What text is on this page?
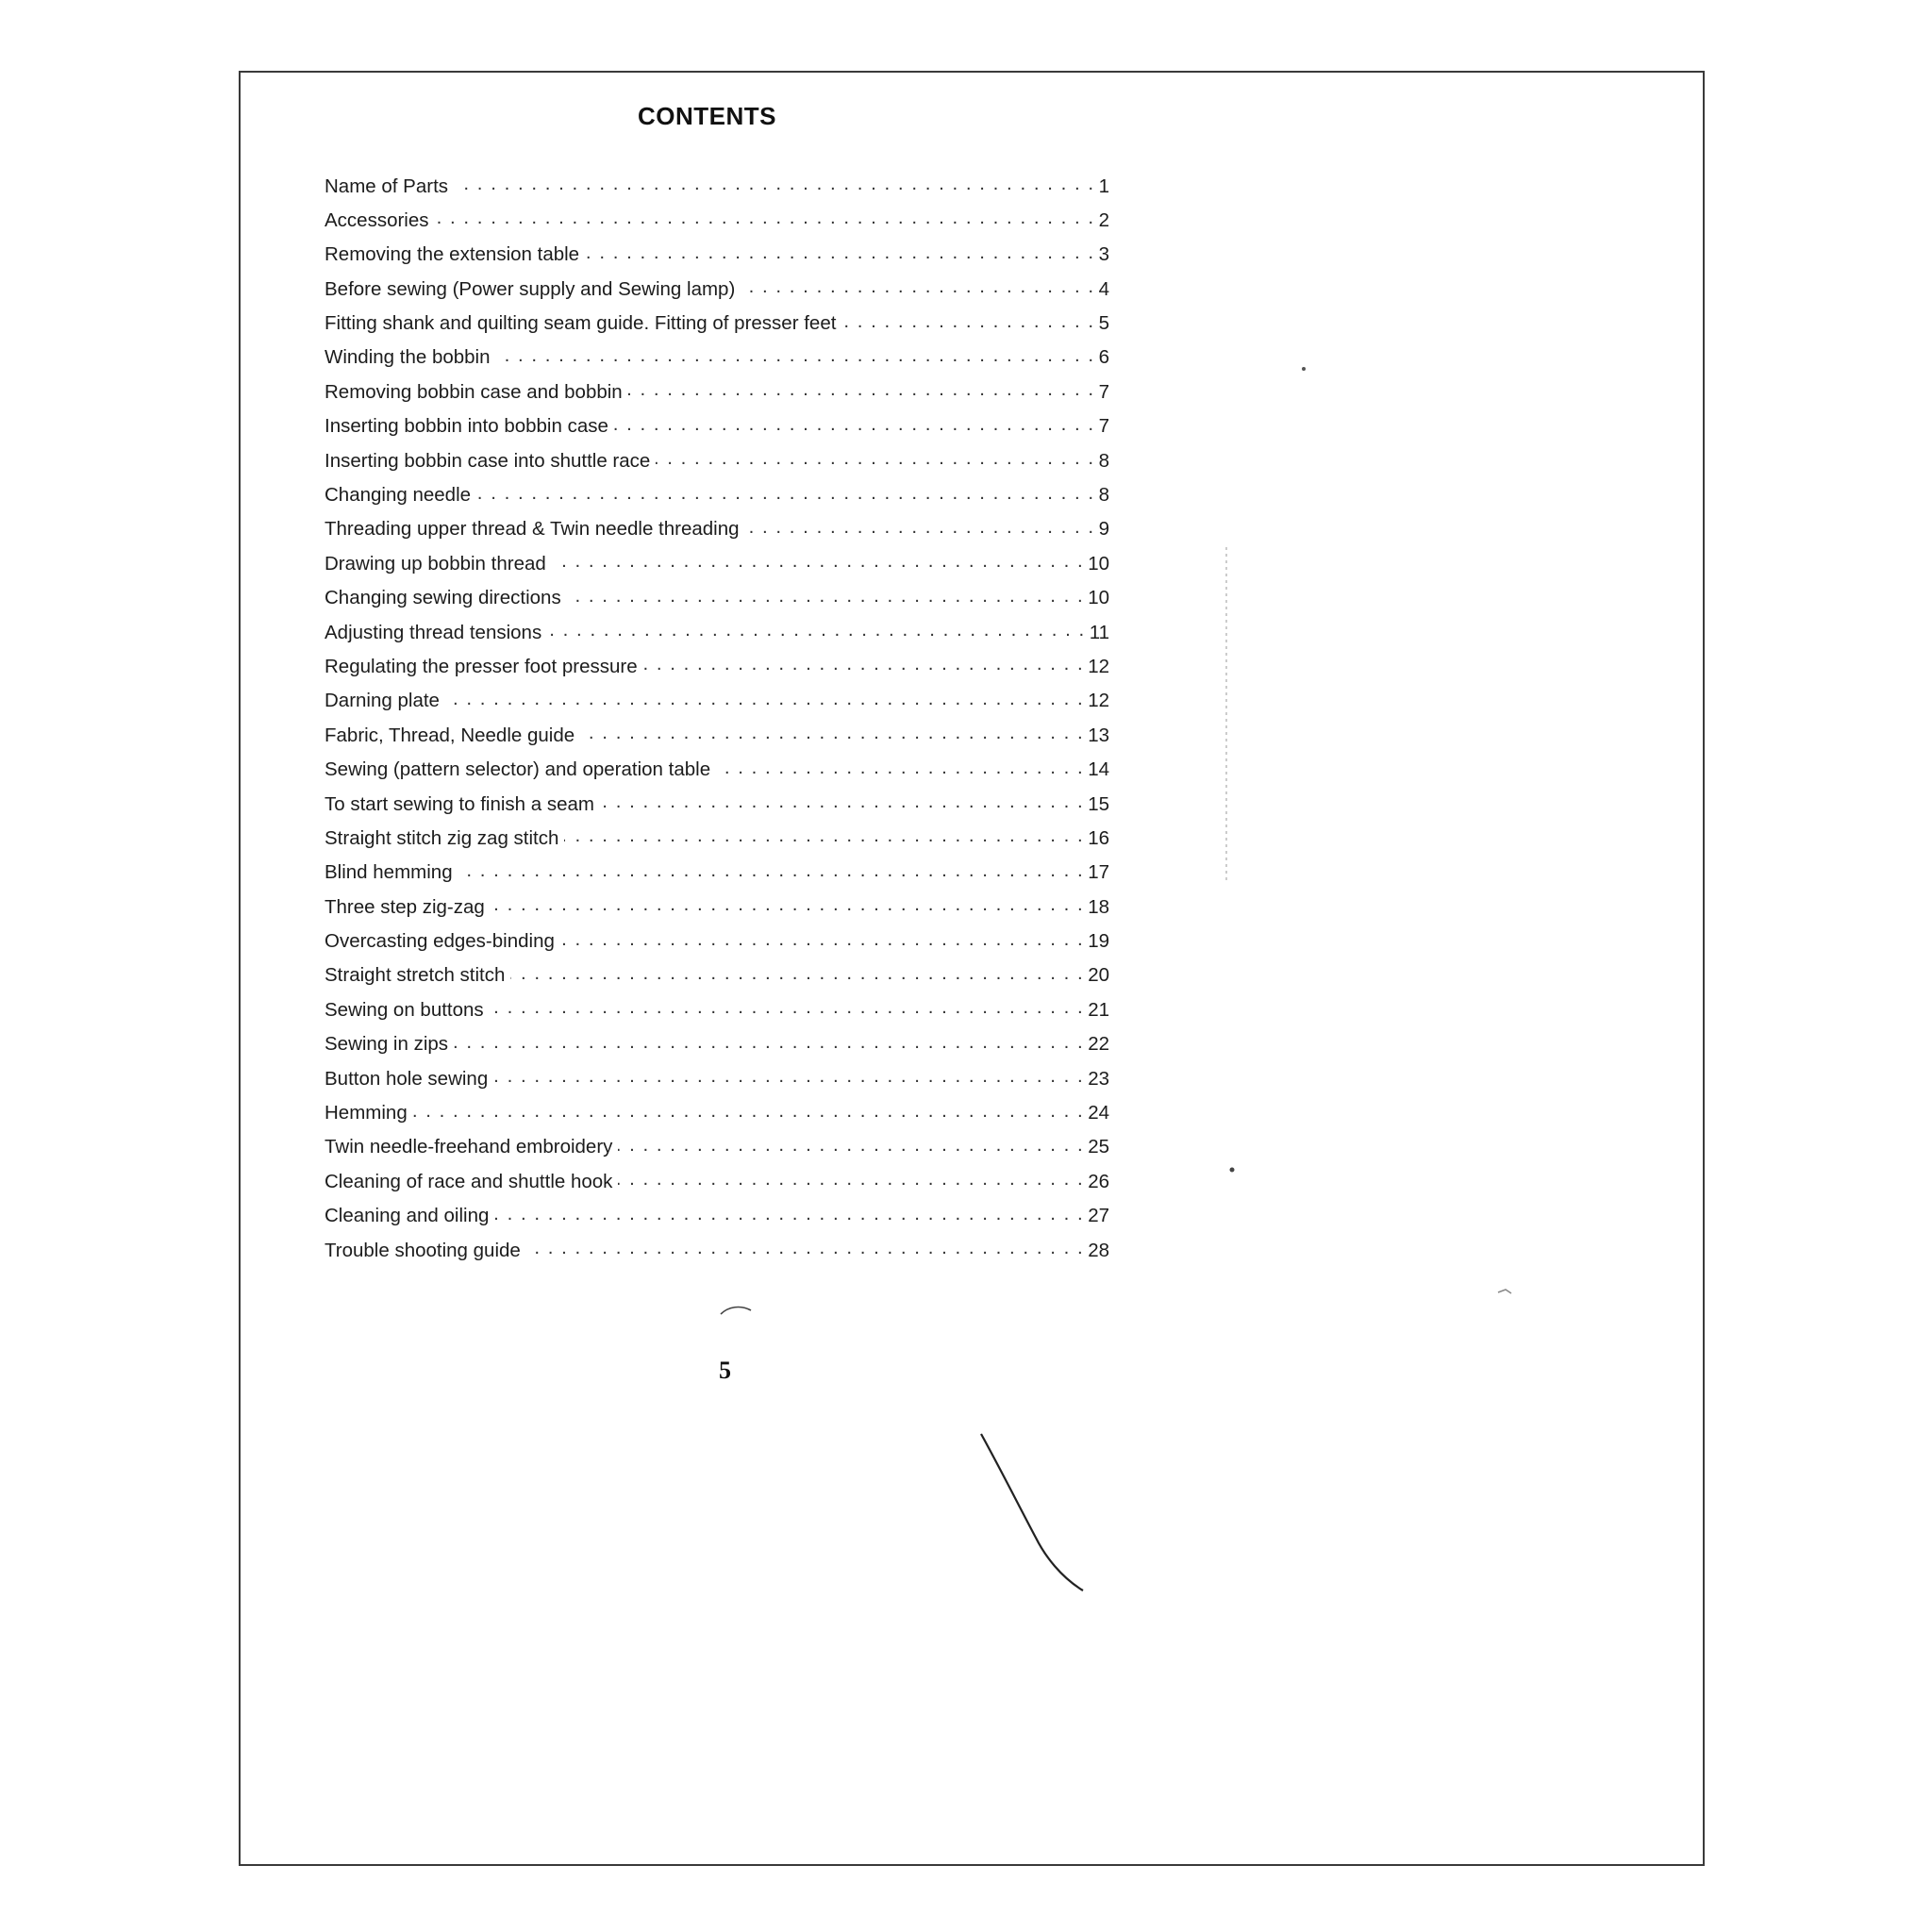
CONTENTS
Name of Parts . . .	1
Accessories . . .	2
Removing the extension table . . .	3
Before sewing (Power supply and Sewing lamp) . . .	4
Fitting shank and quilting seam guide. Fitting of presser feet . . .	5
Winding the bobbin . . .	6
Removing bobbin case and bobbin . . .	7
Inserting bobbin into bobbin case . . .	7
Inserting bobbin case into shuttle race . . .	8
Changing needle . . .	8
Threading upper thread & Twin needle threading . . .	9
Drawing up bobbin thread . . .	10
Changing sewing directions . . .	10
Adjusting thread tensions . . .	11
Regulating the presser foot pressure . . .	12
Darning plate . . .	12
Fabric, Thread, Needle guide . . .	13
Sewing (pattern selector) and operation table . . .	14
To start sewing to finish a seam . . .	15
Straight stitch zig zag stitch . . .	16
Blind hemming . . .	17
Three step zig-zag . . .	18
Overcasting edges-binding . . .	19
Straight stretch stitch . . .	20
Sewing on buttons . . .	21
Sewing in zips . . .	22
Button hole sewing . . .	23
Hemming . . .	24
Twin needle-freehand embroidery . . .	25
Cleaning of race and shuttle hook . . .	26
Cleaning and oiling . . .	27
Trouble shooting guide . . .	28
5
